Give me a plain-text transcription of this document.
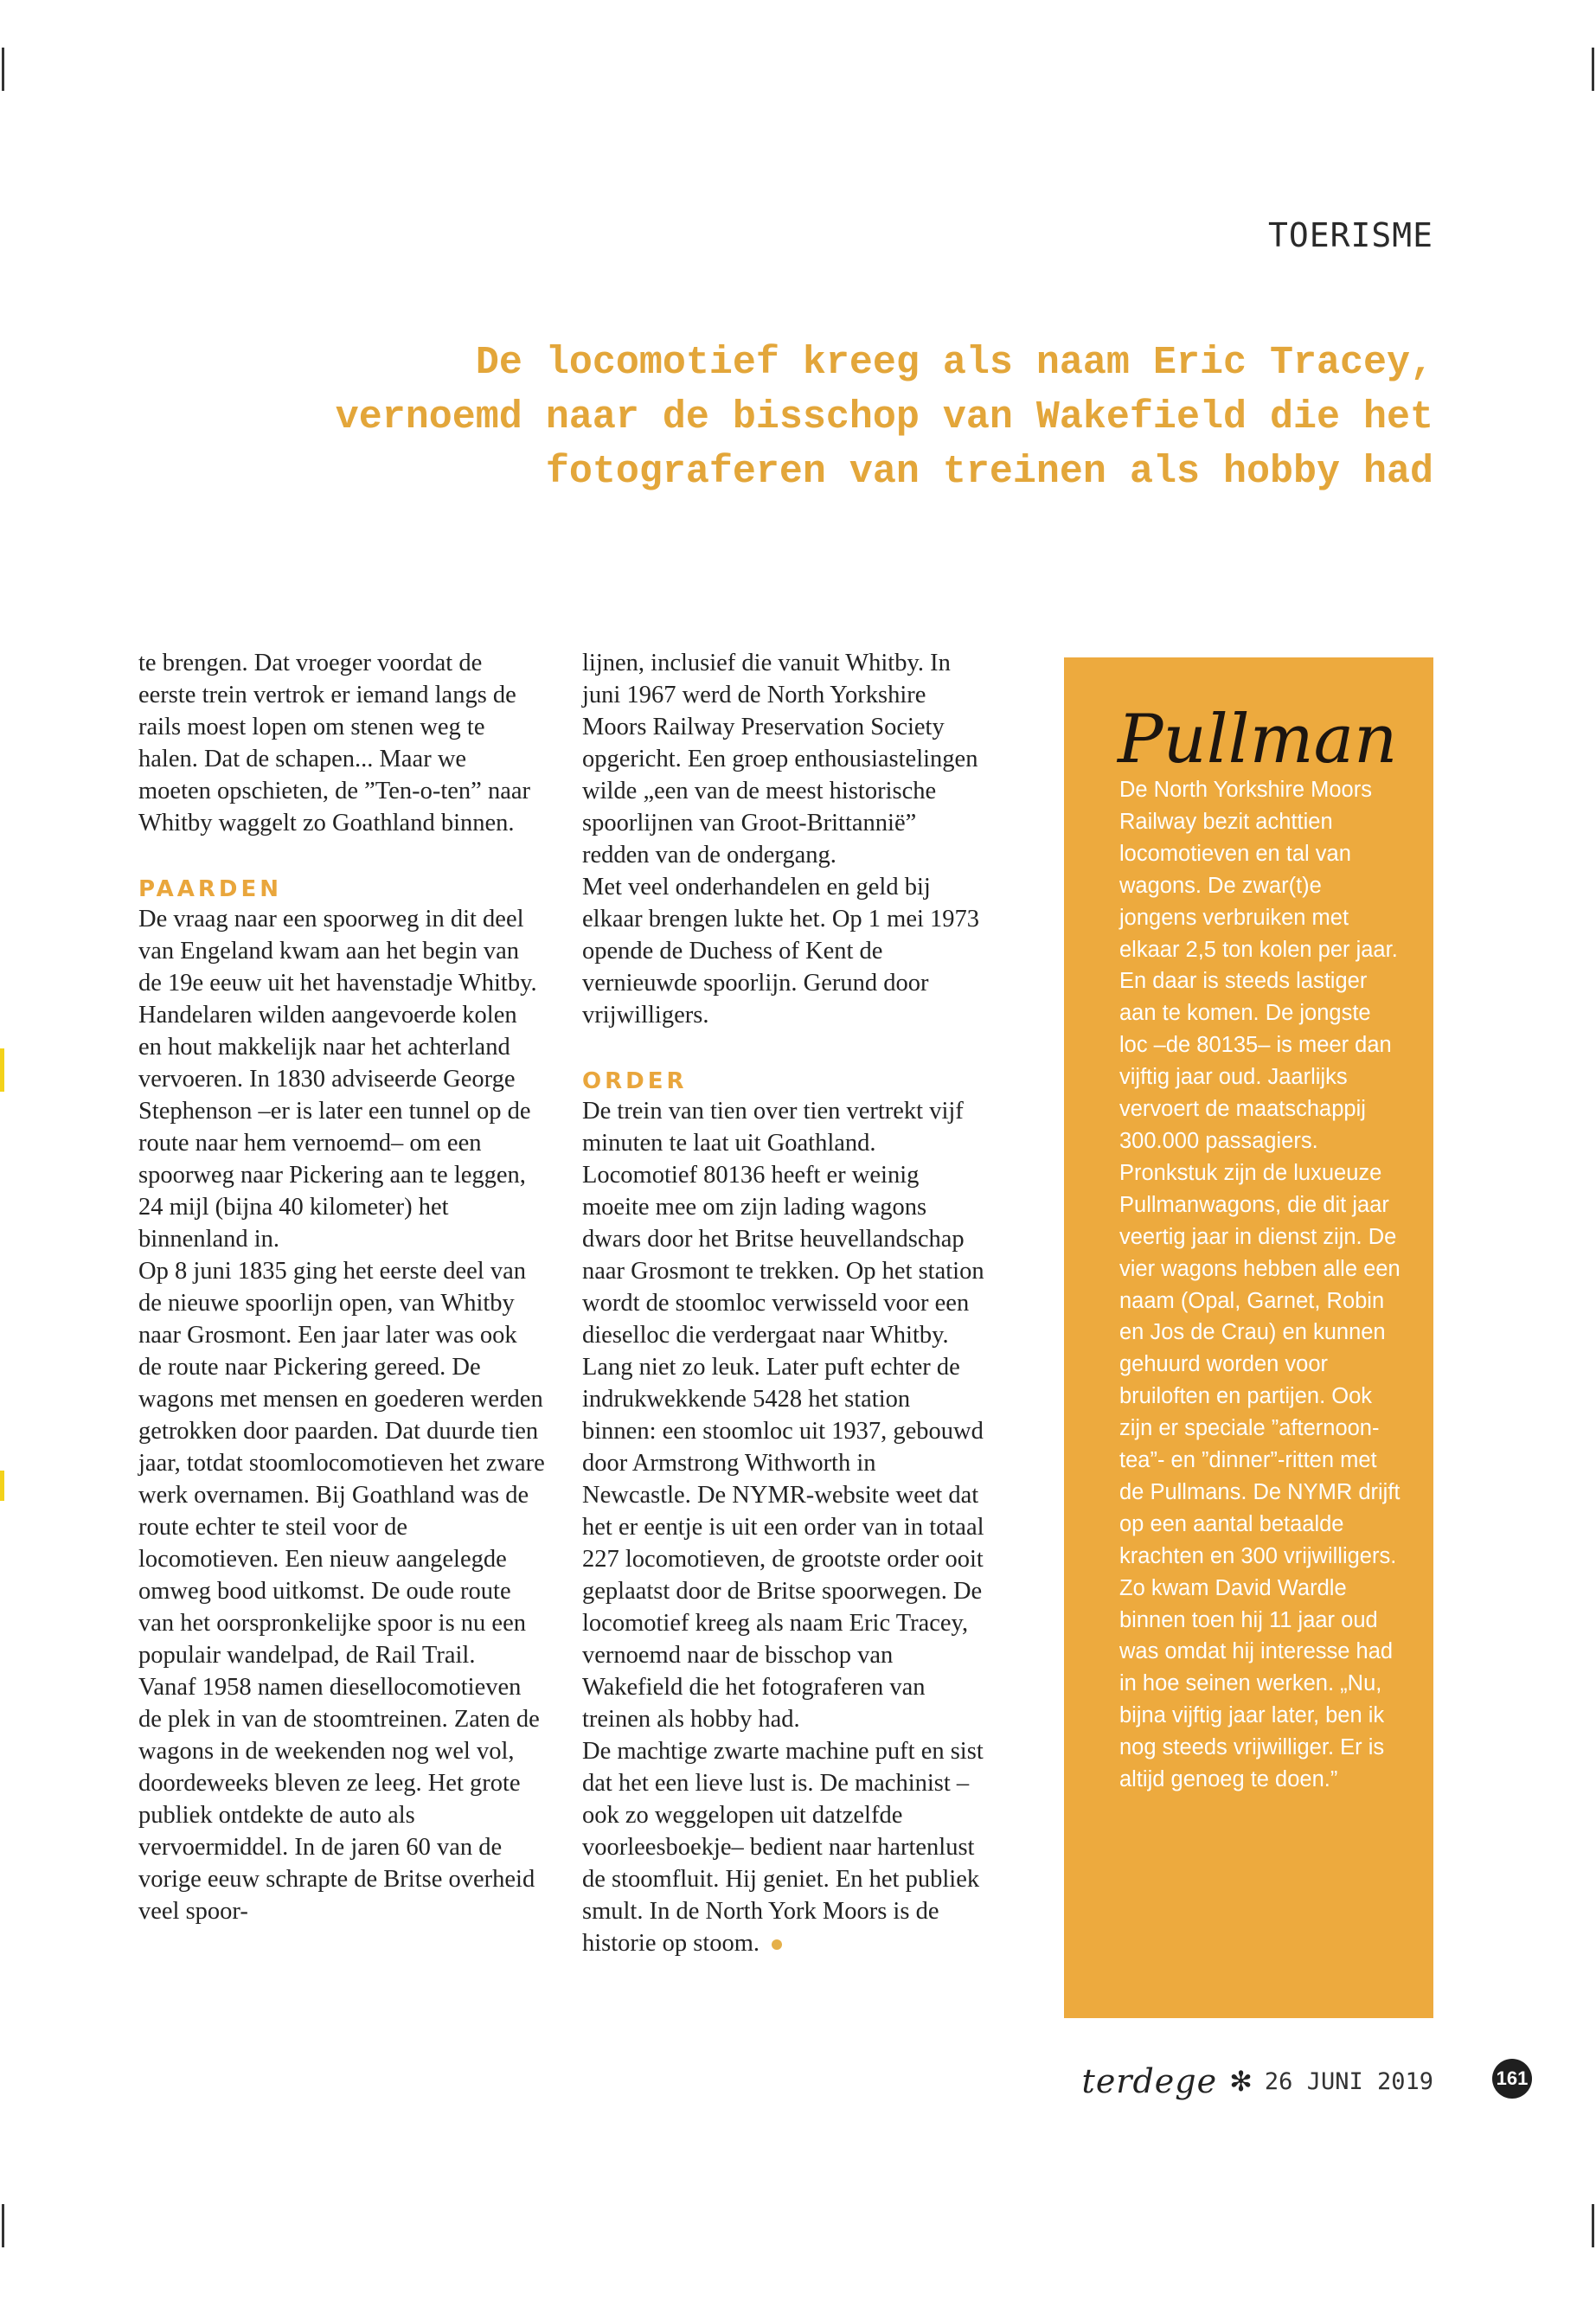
TOERISME
De locomotief kreeg als naam Eric Tracey,
vernoemd naar de bisschop van Wakefield die het
fotograferen van treinen als hobby had

te brengen. Dat vroeger voordat de eerste trein vertrok er iemand langs de rails moest lopen om stenen weg te halen. Dat de schapen... Maar we moeten opschieten, de ”Ten-o-ten” naar Whitby waggelt zo Goathland binnen.

PAARDEN

De vraag naar een spoorweg in dit deel van Engeland kwam aan het begin van de 19e eeuw uit het havenstadje Whitby. Handelaren wilden aangevoerde kolen en hout makkelijk naar het achterland vervoeren. In 1830 adviseerde George Stephenson –er is later een tunnel op de route naar hem vernoemd– om een spoorweg naar Pickering aan te leggen, 24 mijl (bijna 40 kilometer) het binnenland in.

Op 8 juni 1835 ging het eerste deel van de nieuwe spoorlijn open, van Whitby naar Grosmont. Een jaar later was ook de route naar Pickering gereed. De wagons met mensen en goederen werden getrokken door paarden. Dat duurde tien jaar, totdat stoomlocomotieven het zware werk overnamen. Bij Goathland was de route echter te steil voor de locomotieven. Een nieuw aangelegde omweg bood uitkomst. De oude route van het oorspronkelijke spoor is nu een populair wandelpad, de Rail Trail.

Vanaf 1958 namen diesellocomotieven de plek in van de stoomtreinen. Zaten de wagons in de weekenden nog wel vol, doordeweeks bleven ze leeg. Het grote publiek ontdekte de auto als vervoermiddel. In de jaren 60 van de vorige eeuw schrapte de Britse overheid veel spoor-

lijnen, inclusief die vanuit Whitby. In juni 1967 werd de North Yorkshire Moors Railway Preservation Society opgericht. Een groep enthousiastelingen wilde „een van de meest historische spoorlijnen van Groot-Brittannië” redden van de ondergang.

Met veel onderhandelen en geld bij elkaar brengen lukte het. Op 1 mei 1973 opende de Duchess of Kent de vernieuwde spoorlijn. Gerund door vrijwilligers.

ORDER

De trein van tien over tien vertrekt vijf minuten te laat uit Goathland. Locomotief 80136 heeft er weinig moeite mee om zijn lading wagons dwars door het Britse heuvellandschap naar Grosmont te trekken. Op het station wordt de stoomloc verwisseld voor een dieselloc die verdergaat naar Whitby. Lang niet zo leuk. Later puft echter de indrukwekkende 5428 het station binnen: een stoomloc uit 1937, gebouwd door Armstrong Withworth in Newcastle. De NYMR-website weet dat het er eentje is uit een order van in totaal 227 locomotieven, de grootste order ooit geplaatst door de Britse spoorwegen. De locomotief kreeg als naam Eric Tracey, vernoemd naar de bisschop van Wakefield die het fotograferen van treinen als hobby had.

De machtige zwarte machine puft en sist dat het een lieve lust is. De machinist –ook zo weggelopen uit datzelfde voorleesboekje– bedient naar hartenlust de stoomfluit. Hij geniet. En het publiek smult. In de North York Moors is de historie op stoom.

Pullman
De North Yorkshire Moors Railway bezit achttien locomotieven en tal van wagons. De zwar(t)e jongens verbruiken met elkaar 2,5 ton kolen per jaar. En daar is steeds lastiger aan te komen. De jongste loc –de 80135– is meer dan vijftig jaar oud. Jaarlijks vervoert de maatschappij 300.000 passagiers. Pronkstuk zijn de luxueuze Pullmanwagons, die dit jaar veertig jaar in dienst zijn. De vier wagons hebben alle een naam (Opal, Garnet, Robin en Jos de Crau) en kunnen gehuurd worden voor bruiloften en partijen. Ook zijn er speciale ”afternoon-tea”- en ”dinner”-ritten met de Pullmans. De NYMR drijft op een aantal betaalde krachten en 300 vrijwilligers. Zo kwam David Wardle binnen toen hij 11 jaar oud was omdat hij interesse had in hoe seinen werken. „Nu, bijna vijftig jaar later, ben ik nog steeds vrijwilliger. Er is altijd genoeg te doen.”
terdege ✻ 26 JUNI 2019	161
